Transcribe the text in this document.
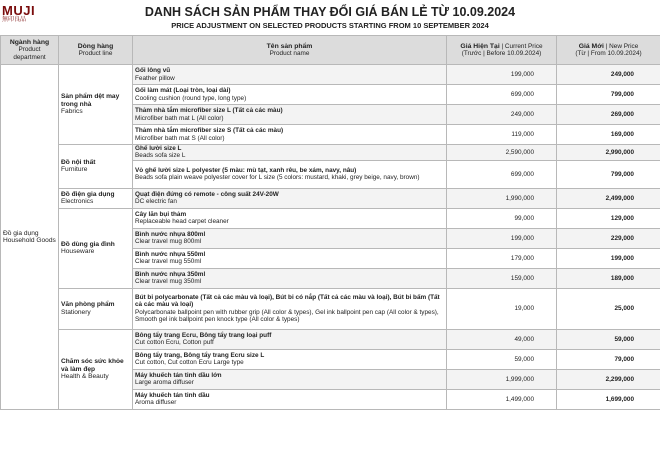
MUJI
無印良品
DANH SÁCH SẢN PHẨM THAY ĐỔI GIÁ BÁN LẺ TỪ 10.09.2024
PRICE ADJUSTMENT ON SELECTED PRODUCTS STARTING FROM 10 SEPTEMBER 2024
Ngành hàng
Product department	Dòng hàng
Product line	Tên sản phẩm
Product name	Giá Hiện Tại | Current Price
(Trước | Before 10.09.2024)	Giá Mới | New Price
(Từ | From 10.09.2024)
Đồ gia dụng
Household Goods	Sản phẩm dệt may trong nhà
Fabrics	Gối lông vũ
Feather pillow	199,000	249,000
		Gối làm mát (Loại tròn, loại dài)
Cooling cushion (round type, long type)	699,000	799,000
		Thảm nhà tắm microfiber size L (Tất cả các màu)
Microfiber bath mat L (All color)	249,000	269,000
		Thảm nhà tắm microfiber size S (Tất cả các màu)
Microfiber bath mat S (All color)	119,000	169,000
	Đồ nội thất
Furniture	Ghế lười size L
Beads sofa size L	2,590,000	2,990,000
		Vỏ ghế lười size L polyester (5 màu: mù tạt, xanh rêu, be xám, navy, nâu)
Beads sofa plain weave polyester cover for L size (5 colors: mustard, khaki, grey beige, navy, brown)	699,000	799,000
	Đồ điện gia dụng
Electronics	Quạt điện đứng có remote - công suất 24V-20W
DC electric fan	1,990,000	2,499,000
	Đồ dùng gia đình
Houseware	Cây lăn bụi thảm
Replaceable head carpet cleaner	99,000	129,000
		Bình nước nhựa 800ml
Clear travel mug 800ml	199,000	229,000
		Bình nước nhựa 550ml
Clear travel mug 550ml	179,000	199,000
		Bình nước nhựa 350ml
Clear travel mug 350ml	159,000	189,000
	Văn phòng phẩm
Stationery	Bút bi polycarbonate (Tất cả các màu và loại), Bút bi có nắp (Tất cả các màu và loại), Bút bi bấm (Tất cả các màu và loại)
Polycarbonate ballpoint pen with rubber grip (All color & types), Gel ink ballpoint pen cap (All color & types), Smooth gel ink ballpoint pen knock type (All color & types)	19,000	25,000
	Chăm sóc sức khỏe và làm đẹp
Health & Beauty	Bông tẩy trang Ecru, Bông tẩy trang loại puff
Cut cotton Ecru, Cotton puff	49,000	59,000
		Bông tẩy trang, Bông tẩy trang Ecru size L
Cut cotton, Cut cotton Ecru Large type	59,000	79,000
		Máy khuếch tán tinh dầu lớn
Large aroma diffuser	1,999,000	2,299,000
		Máy khuếch tán tinh dầu
Aroma diffuser	1,499,000	1,699,000
